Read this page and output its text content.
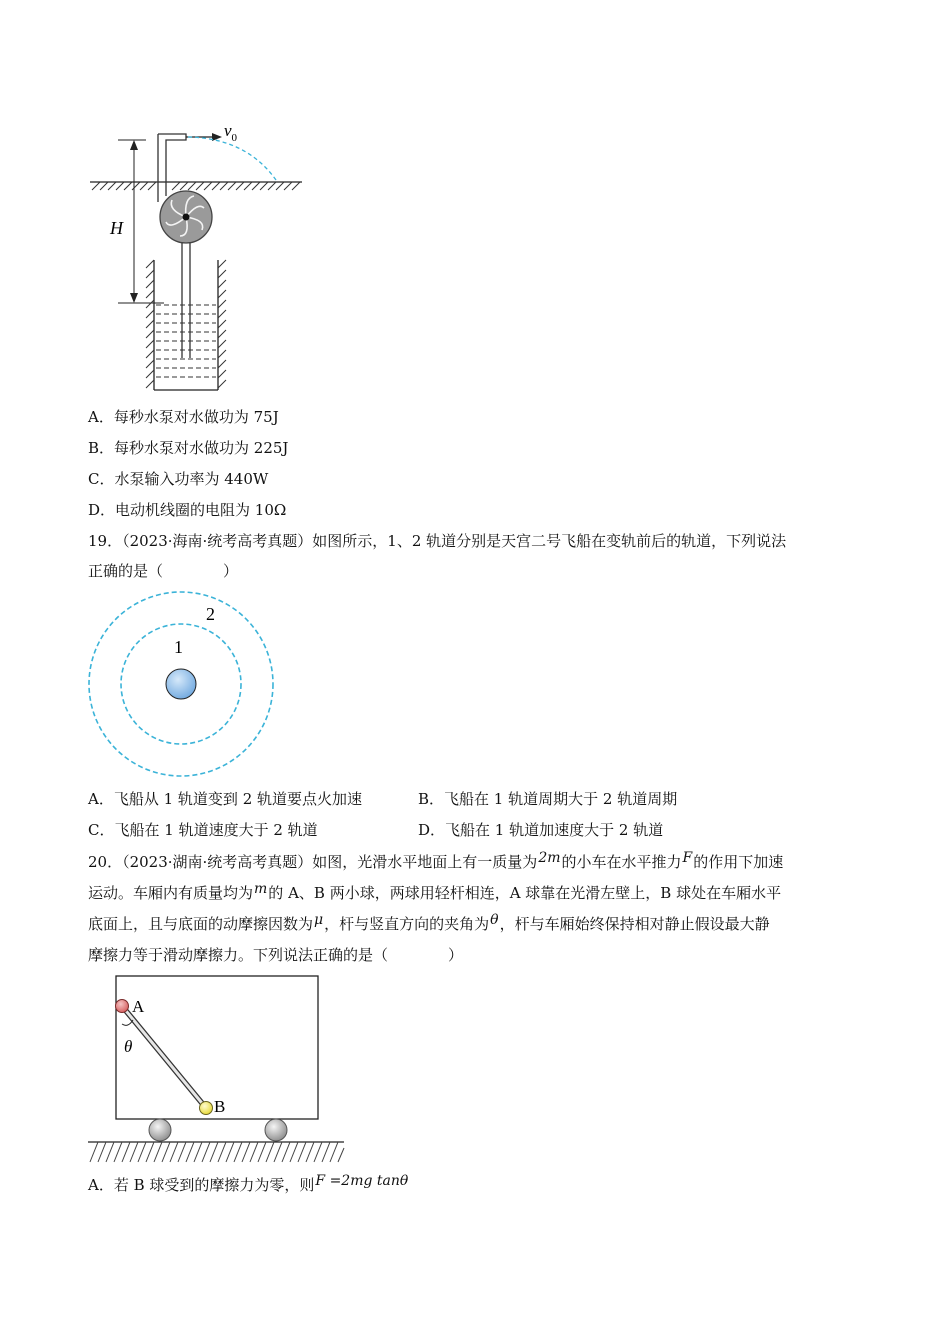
H
$v_0$
A．每秒水泵对水做功为 75J
B．每秒水泵对水做功为 225J
C．水泵输入功率为 440W
D．电动机线圈的电阻为 10Ω
19．（2023·海南·统考高考真题）如图所示，1、2 轨道分别是天宫二号飞船在变轨前后的轨道，下列说法
正确的是（　　　　）
1
2
A．飞船从 1 轨道变到 2 轨道要点火加速	B．飞船在 1 轨道周期大于 2 轨道周期
C．飞船在 1 轨道速度大于 2 轨道	D．飞船在 1 轨道加速度大于 2 轨道
20．（2023·湖南·统考高考真题）如图，光滑水平地面上有一质量为2m的小车在水平推力F的作用下加速
运动。车厢内有质量均为m的 A、B 两小球，两球用轻杆相连，A 球靠在光滑左壁上，B 球处在车厢水平
底面上，且与底面的动摩擦因数为μ，杆与竖直方向的夹角为θ，杆与车厢始终保持相对静止假设最大静
摩擦力等于滑动摩擦力。下列说法正确的是（　　　　）
θ
A
B
A．若 B 球受到的摩擦力为零，则F =2mg tanθ
